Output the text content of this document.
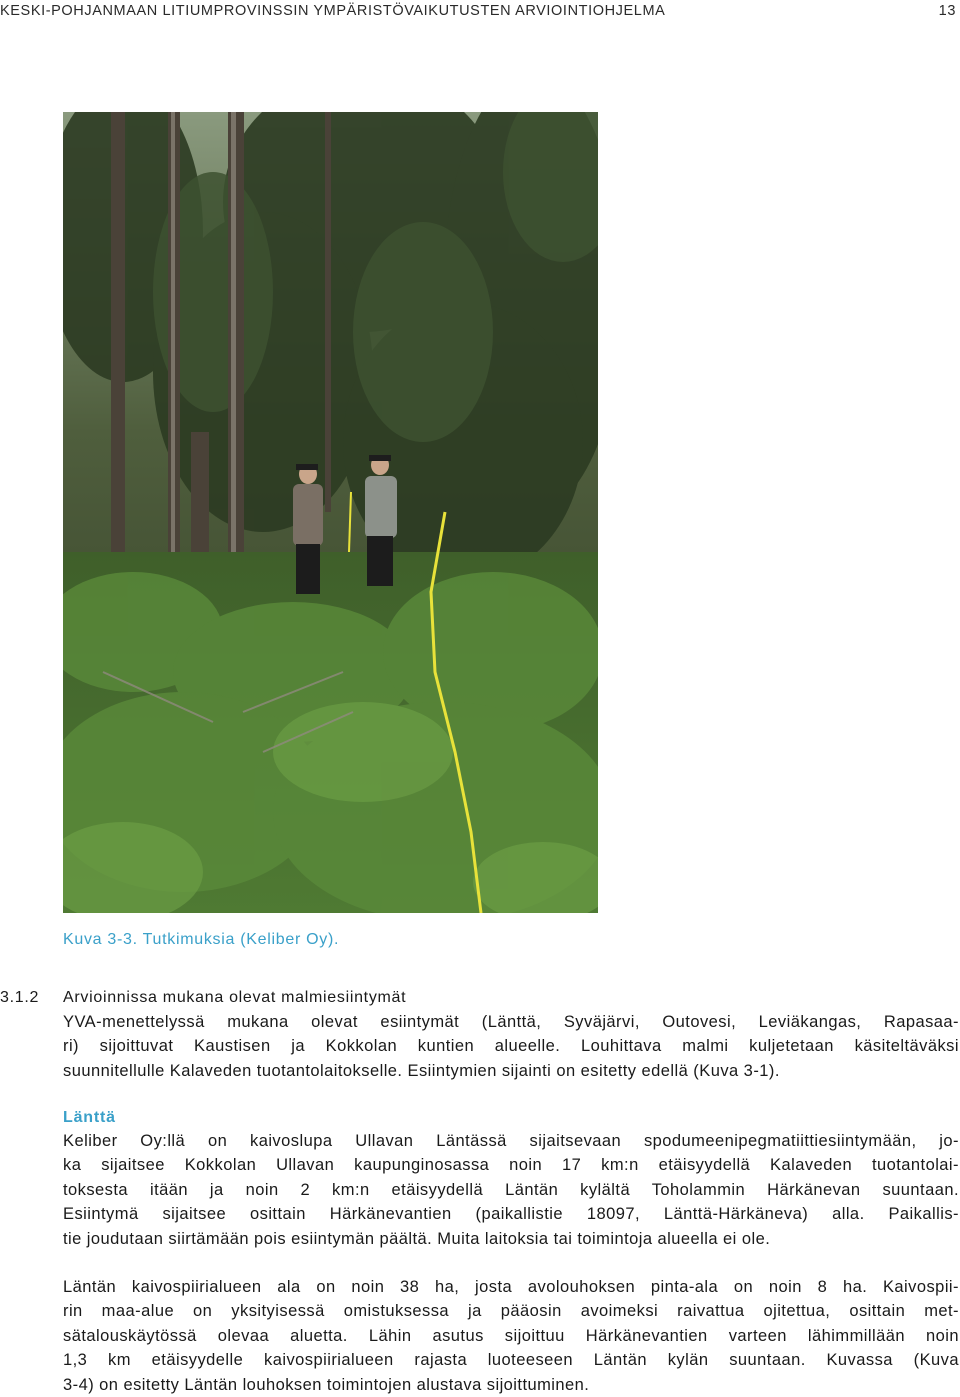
KESKI-POHJANMAAN LITIUMPROVINSSIN YMPÄRISTÖVAIKUTUSTEN ARVIOINTIOHJELMA	13
Kuva 3-3. Tutkimuksia (Keliber Oy).
3.1.2 Arvioinnissa mukana olevat malmiesiintymät
YVA-menettelyssä mukana olevat esiintymät (Länttä, Syväjärvi, Outovesi, Leviäkangas, Rapasaa-
ri) sijoittuvat Kaustisen ja Kokkolan kuntien alueelle. Louhittava malmi kuljetetaan käsiteltäväksi
suunnitellulle Kalaveden tuotantolaitokselle. Esiintymien sijainti on esitetty edellä (Kuva 3-1).
Länttä
Keliber Oy:llä on kaivoslupa Ullavan Läntässä sijaitsevaan spodumeenipegmatiittiesiintymään, jo-
ka sijaitsee Kokkolan Ullavan kaupunginosassa noin 17 km:n etäisyydellä Kalaveden tuotantolai-
toksesta itään ja noin 2 km:n etäisyydellä Läntän kylältä Toholammin Härkänevan suuntaan.
Esiintymä sijaitsee osittain Härkänevantien (paikallistie 18097, Länttä-Härkäneva) alla. Paikallis-
tie joudutaan siirtämään pois esiintymän päältä. Muita laitoksia tai toimintoja alueella ei ole.
Läntän kaivospiirialueen ala on noin 38 ha, josta avolouhoksen pinta-ala on noin 8 ha. Kaivospii-
rin maa-alue on yksityisessä omistuksessa ja pääosin avoimeksi raivattua ojitettua, osittain met-
sätalouskäytössä olevaa aluetta. Lähin asutus sijoittuu Härkänevantien varteen lähimmillään noin
1,3 km etäisyydelle kaivospiirialueen rajasta luoteeseen Läntän kylän suuntaan. Kuvassa (Kuva
3-4) on esitetty Läntän louhoksen toimintojen alustava sijoittuminen.
